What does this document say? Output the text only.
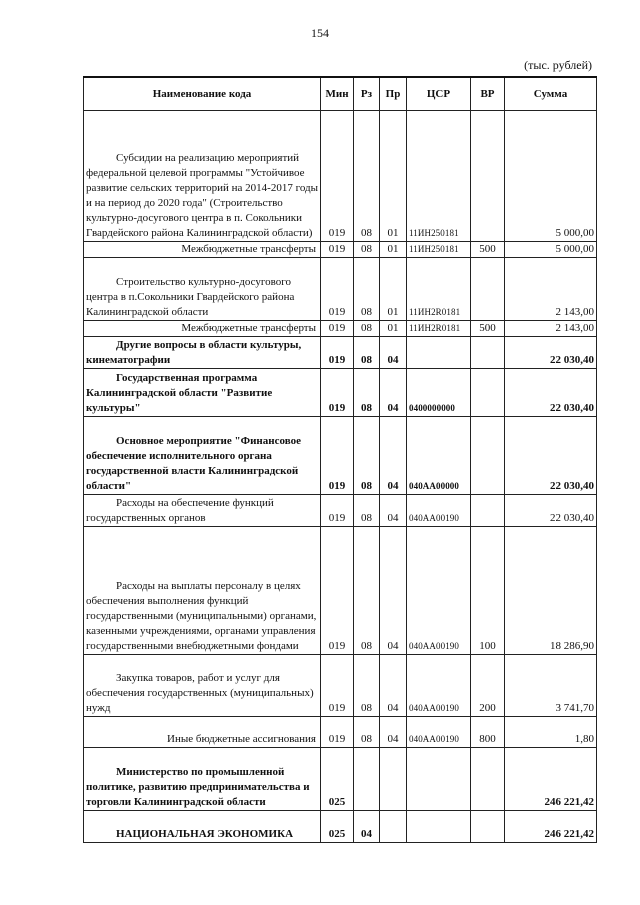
154
(тыс. рублей)
Наименование кода	Мин	Рз	Пр	ЦСР	ВР	Сумма
Субсидии на реализацию мероприятий федеральной целевой программы "Устойчивое развитие сельских территорий на 2014-2017 годы и на период до 2020 года" (Строительство культурно-досугового центра в п. Сокольники Гвардейского района Калининградской области)	019	08	01	11ИН250181		5 000,00
Межбюджетные трансферты	019	08	01	11ИН250181	500	5 000,00
Строительство культурно-досугового центра в п.Сокольники Гвардейского района Калининградской области	019	08	01	11ИН2R0181		2 143,00
Межбюджетные трансферты	019	08	01	11ИН2R0181	500	2 143,00
Другие вопросы в области культуры, кинематографии	019	08	04			22 030,40
Государственная программа Калининградской области "Развитие культуры"	019	08	04	0400000000		22 030,40
Основное мероприятие "Финансовое обеспечение исполнительного органа государственной власти Калининградской области"	019	08	04	040АА00000		22 030,40
Расходы на обеспечение функций государственных органов	019	08	04	040АА00190		22 030,40
Расходы на выплаты персоналу в целях обеспечения выполнения функций государственными (муниципальными) органами, казенными учреждениями, органами управления государственными внебюджетными фондами	019	08	04	040АА00190	100	18 286,90
Закупка товаров, работ и услуг для обеспечения государственных (муниципальных) нужд	019	08	04	040АА00190	200	3 741,70
Иные бюджетные ассигнования	019	08	04	040АА00190	800	1,80
Министерство по промышленной политике, развитию предпринимательства и торговли Калининградской области	025					246 221,42
НАЦИОНАЛЬНАЯ ЭКОНОМИКА	025	04				246 221,42
